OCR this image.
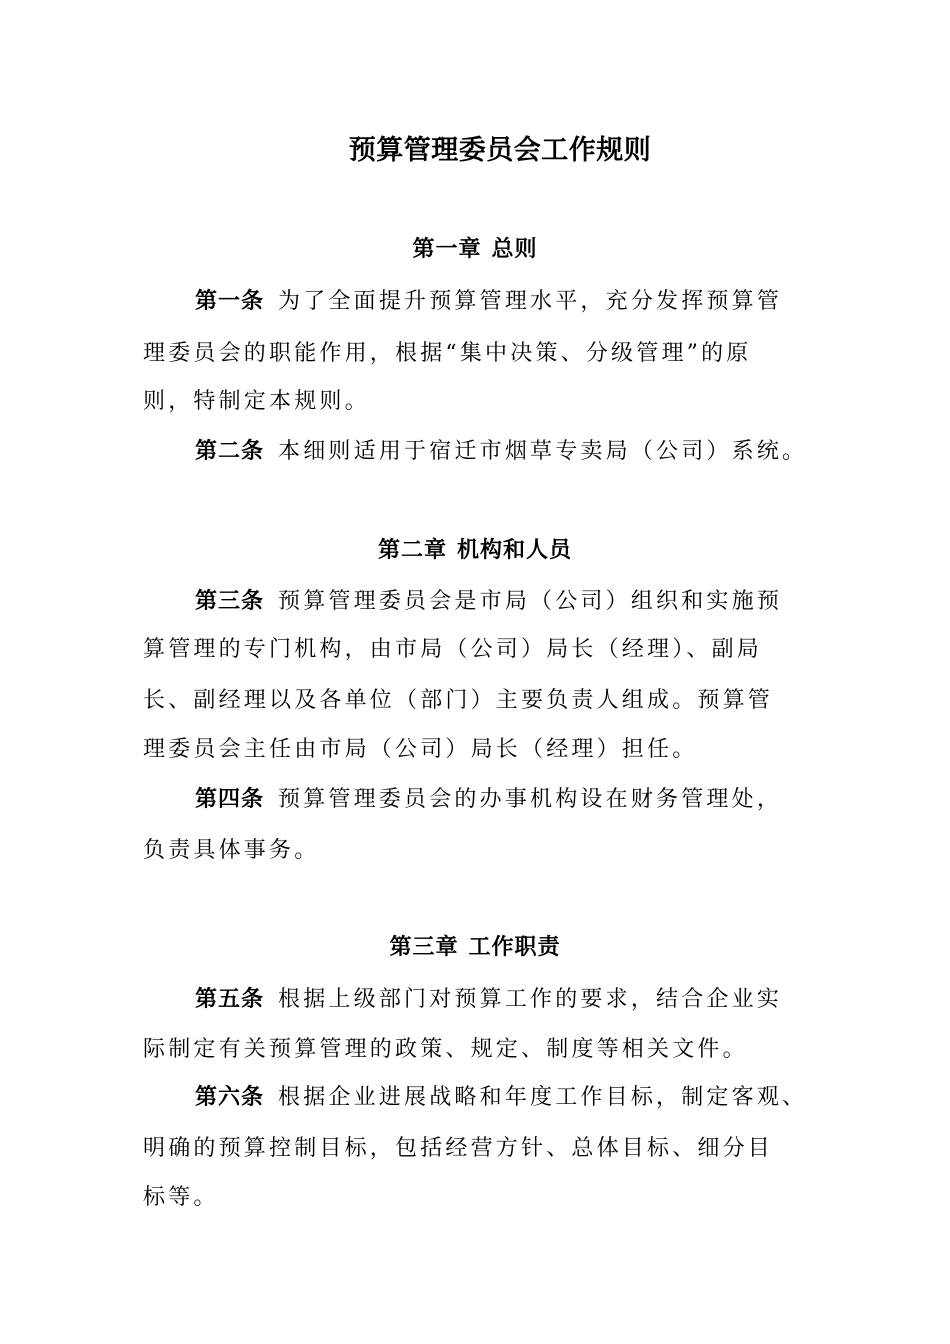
预算管理委员会工作规则
第一章 总则
第一条 为了全面提升预算管理水平，充分发挥预算管
理委员会的职能作用，根据“集中决策、分级管理”的原
则，特制定本规则。
第二条 本细则适用于宿迁市烟草专卖局（公司）系统。
第二章 机构和人员
第三条 预算管理委员会是市局（公司）组织和实施预
算管理的专门机构，由市局（公司）局长（经理）、副局
长、副经理以及各单位（部门）主要负责人组成。预算管
理委员会主任由市局（公司）局长（经理）担任。
第四条 预算管理委员会的办事机构设在财务管理处，
负责具体事务。
第三章 工作职责
第五条 根据上级部门对预算工作的要求，结合企业实
际制定有关预算管理的政策、规定、制度等相关文件。
第六条 根据企业进展战略和年度工作目标，制定客观、
明确的预算控制目标，包括经营方针、总体目标、细分目
标等。
